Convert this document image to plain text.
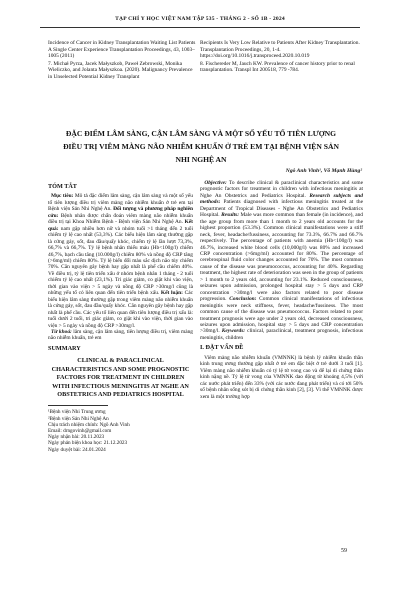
TẠP CHÍ Y HỌC VIỆT NAM TẬP 535 - THÁNG 2 - SỐ 1B - 2024
Incidence of Cancer in Kidney Transplantation Waiting List Patients A Single Center Experience Transplantation Proceedings, 43, 1003–1005 (2011)
7. Michał Pyrza, Jacek Małyszkob, Paweł Zebrowski, Monika Wieliczko, and Jolanta Małyszkoa. (2020). Malignancy Prevalence in Unselected Potential Kidney Transplant
Recipients Is Very Low Relative to Patients After Kidney Transplantation. Transplantation Proceedings, 20, 1-4. https://doi.org/10.1016/j.transproceed.2020.10.019
8. Fischereder M, Jauch KW. Prevalence of cancer history prior to renal transplantation. Transpl Int 200518, 779 -784.
ĐẶC ĐIỂM LÂM SÀNG, CẬN LÂM SÀNG VÀ MỘT SỐ YẾU TỐ TIÊN LƯỢNG ĐIỀU TRỊ VIÊM MÀNG NÃO NHIỄM KHUẨN Ở TRẺ EM TẠI BỆNH VIỆN SẢN NHI NGHỆ AN
Ngô Anh Vinh¹, Võ Mạnh Hùng²
TÓM TẮT

Mục tiêu: Mô tả đặc điểm lâm sàng, cận lâm sàng và một số yếu tố tiên lượng điều trị viêm màng não nhiễm khuẩn ở trẻ em tại Bệnh viện Sản Nhi Nghệ An. Đối tượng và phương pháp nghiên cứu: Bệnh nhân được chẩn đoán viêm màng não nhiễm khuẩn điều trị tại Khoa Nhiễm Bệnh - Bệnh viện Sản Nhi Nghệ An. Kết quả: nam gặp nhiều hơn nữ và nhóm tuổi >1 tháng đến 2 tuổi chiếm tỷ lệ cao nhất (53,3%). Các biểu hiện lâm sàng thường gặp là cứng gáy, sốt, đau đầu/quấy khóc, chiếm tỷ lệ lần lượt 73,3%, 66,7% và 66,7%. Tỷ lệ bệnh nhân thiếu máu (Hb<100g/l) chiếm 46,7%, bạch cầu tăng (10.000g/l) chiếm 80% và nồng độ CRP tăng (>6mg/ml) chiếm 80%. Tỷ lệ biến đổi màu sắc dịch não tủy chiếm 70%. Căn nguyên gây bệnh hay gặp nhất là phế cầu chiếm 40%. Về điều trị, tỷ lệ tiên triển xấu ở nhóm bệnh nhân 1 tháng - 2 tuổi chiếm tỷ lệ cao nhất (23,1%). Tri giác giảm, co giật khi vào viện, thời gian vào viện > 5 ngày và nồng độ CRP >30mg/l cũng là những yếu tố có liên quan đến tiên triển bệnh xấu. Kết luận: Các biểu hiện lâm sàng thường gặp trong viêm màng não nhiễm khuẩn là cứng gáy, sốt, đau đầu/quấy khóc. Căn nguyên gây bệnh hay gặp nhất là phế cầu. Các yếu tố liên quan đến tiên lượng điều trị xấu là: tuổi dưới 2 tuổi, tri giác giảm, co giật khi vào viện, thời gian vào viện > 5 ngày và nồng độ CRP >30mg/l.

Từ khoá: lâm sàng, cận lâm sàng, tiên lượng điều trị, viêm màng não nhiễm khuẩn, trẻ em

SUMMARY
CLINICAL & PARACLINICAL CHARACTERISTICS AND SOME PROGNOSTIC FACTORS FOR TREATMENT IN CHILDREN WITH INFECTIOUS MENINGITIS AT NGHE AN OBSTETRICS AND PEDIATRICS HOSPITAL
¹Bệnh viện Nhi Trung ương
²Bệnh viện Sản Nhi Nghệ An
Chịu trách nhiệm chính: Ngô Anh Vinh
Email: drngovinh@gmail.com
Ngày nhận bài: 20.11.2023
Ngày phản biện khoa học: 21.12.2023
Ngày duyệt bài: 24.01.2024

Objective: To describe clinical & paraclinical characteristics and some prognostic factors for treatment in children with infectious meningitis at Nghe An Obstetrics and Pediatrics Hospital. Research subjects and methods: Patients diagnosed with infectious meningitis treated at the Department of Tropical Diseases - Nghe An Obstetrics and Pediatrics Hospital. Results: Male was more common than female (in incidence), and the age group from more than 1 month to 2 years old accounts for the highest proportion (53.3%). Common clinical manifestations were a stiff neck, fever, headache/fussiness, accounting for 73.3%, 66.7% and 66.7% respectively. The percentage of patients with anemia (Hb<100g/l) was 46.7%, increased white blood cells (10,000g/l) was 80% and increased CRP concentration (>6mg/ml) accounted for 80%. The percentage of cerebrospinal fluid color changes accounted for 70%. The most common cause of the disease was pneumococcus, accounting for 40%. Regarding treatment, the highest rate of deterioration was seen in the group of patients > 1 month to 2 years old, accounting for 23.1%. Reduced consciousness, seizures upon admission, prolonged hospital stay > 5 days and CRP concentration >30mg/l were also factors related to poor disease progression. Conclusion: Common clinical manifestations of infectious meningitis were neck stiffness, fever, headache/fussiness. The most common cause of the disease was pneumococcus. Factors related to poor treatment prognosis were age under 2 years old, decreased consciousness, seizures upon admission, hospital stay > 5 days and CRP concentration >30mg/l. Keywords: clinical, paraclinical, treatment prognosis, infectious meningitis, children

I. ĐẶT VẤN ĐỀ

Viêm màng não nhiễm khuẩn (VMNNK) là bệnh lý nhiễm khuẩn thần kinh trung ương thường gặp nhất ở trẻ em đặc biệt ở trẻ dưới 3 tuổi [1]. Viêm màng não nhiễm khuẩn có tỷ lệ tử vong cao và để lại di chứng thần kinh nặng nề. Tỷ lệ tử vong của VMNNK dao động từ khoảng 4,5% (với các nước phát triển) đến 33% (với các nước đang phát triển) và có tới 50% số bệnh nhân sống sót bị di chứng thần kinh [2], [3]. Vì thế VMNNK được xem là một trường hợp

59
